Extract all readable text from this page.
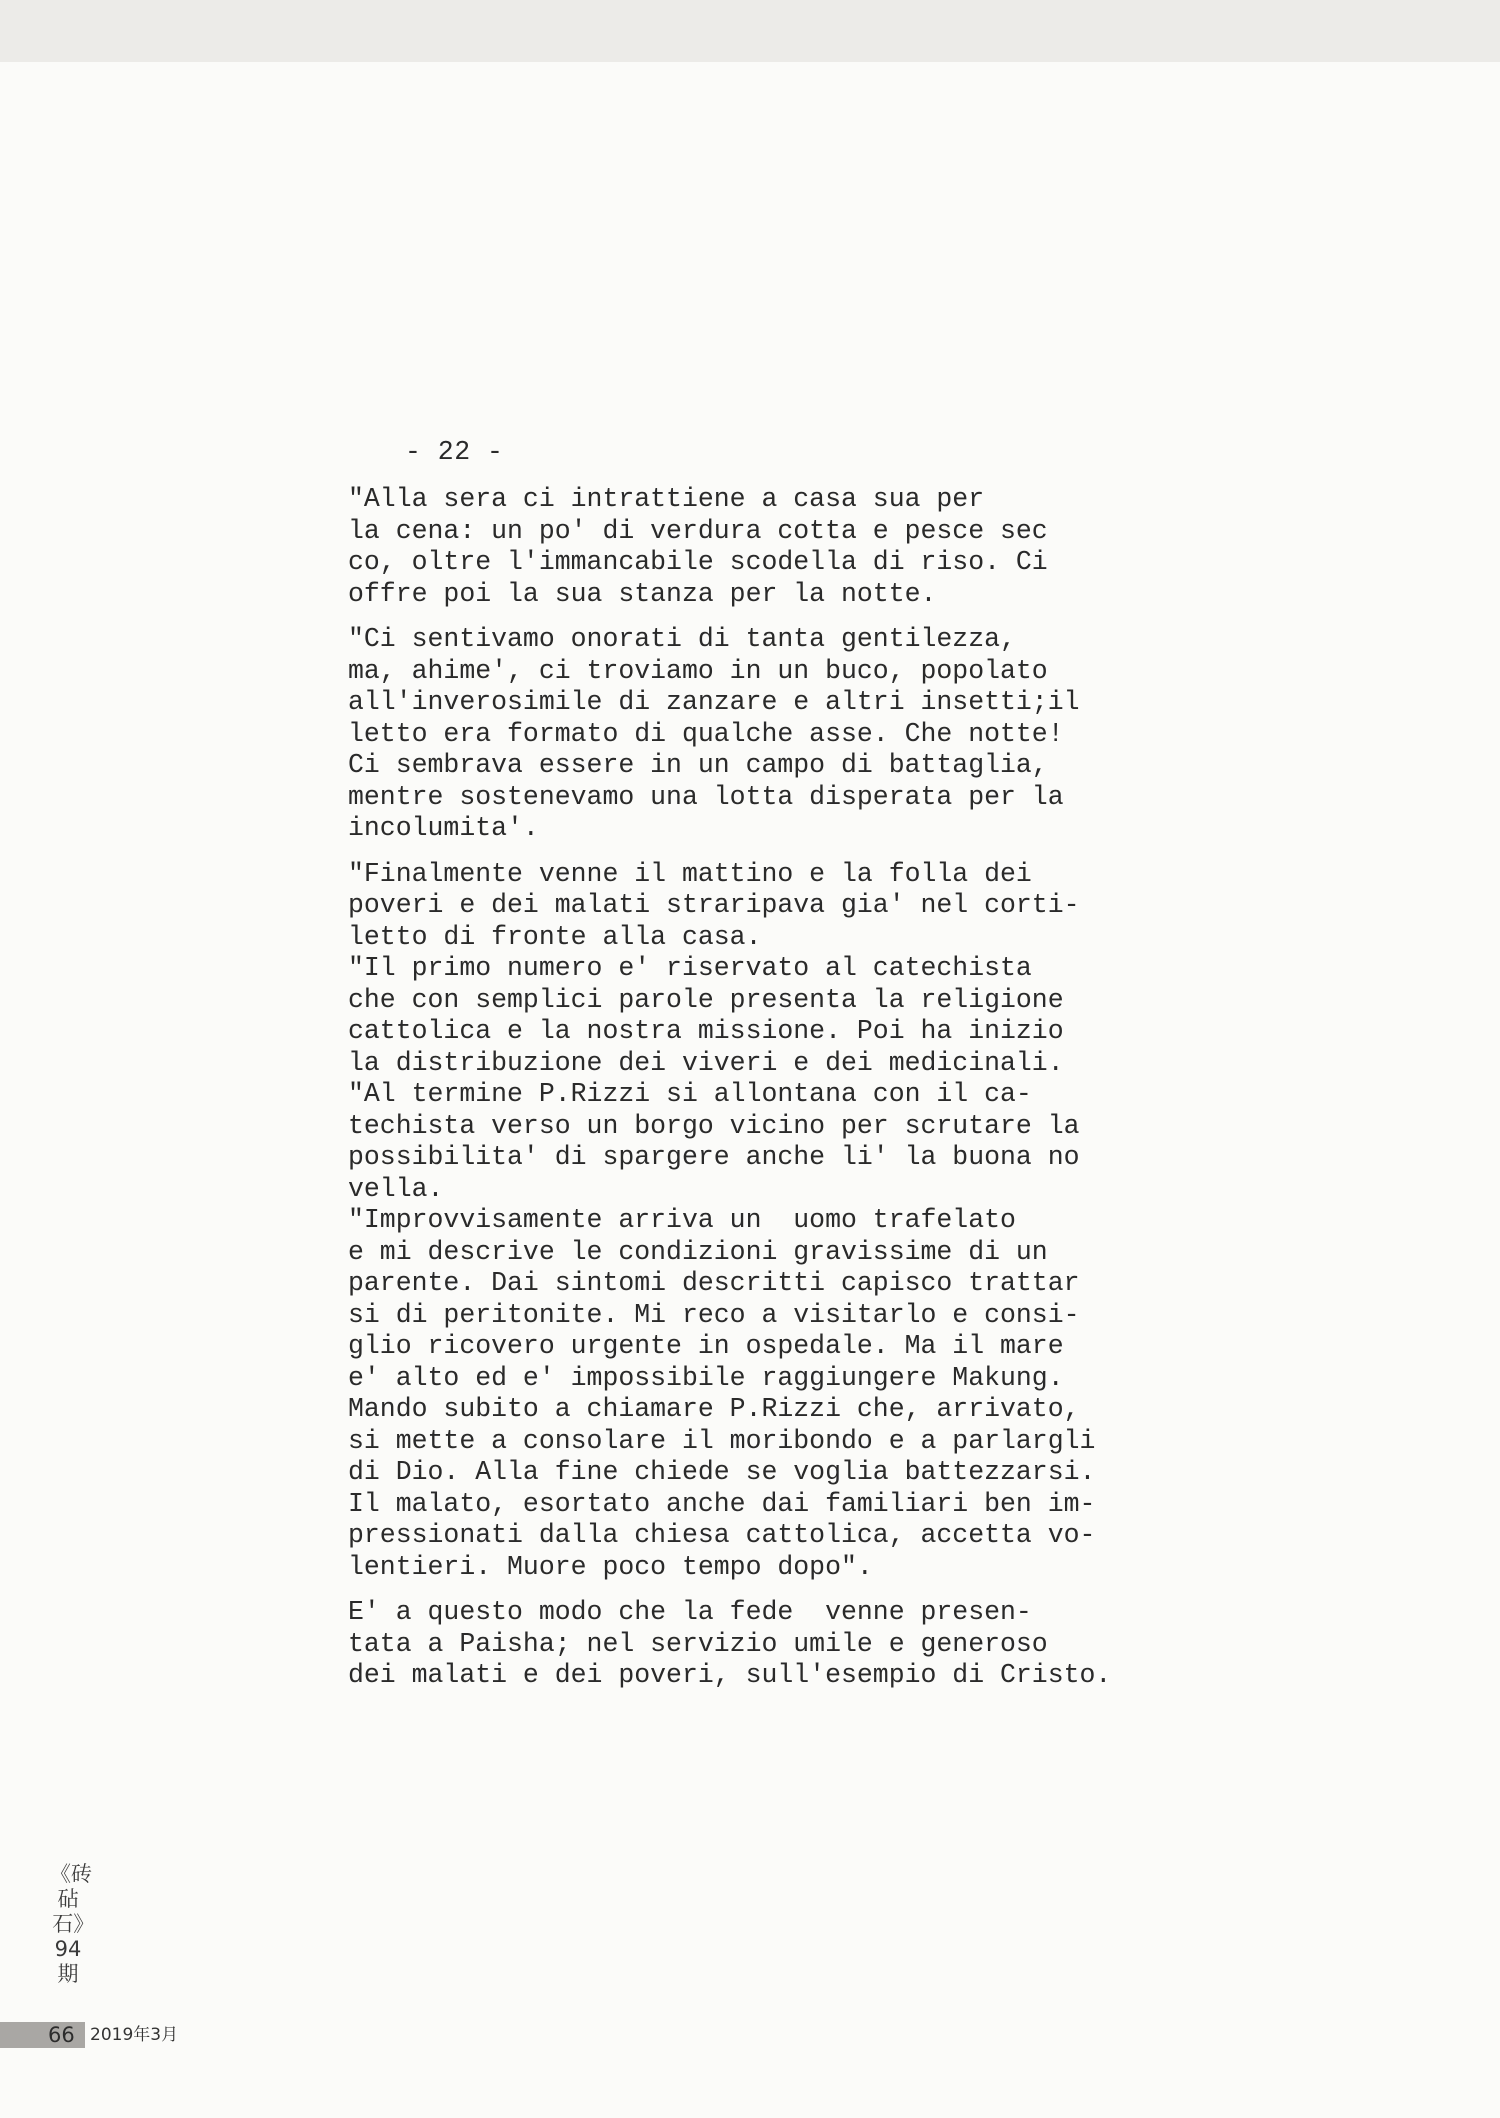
- 22 -
"Alla sera ci intrattiene a casa sua per
la cena: un po' di verdura cotta e pesce sec
co, oltre l'immancabile scodella di riso. Ci
offre poi la sua stanza per la notte.
"Ci sentivamo onorati di tanta gentilezza,
ma, ahime', ci troviamo in un buco, popolato
all'inverosimile di zanzare e altri insetti;il
letto era formato di qualche asse. Che notte!
Ci sembrava essere in un campo di battaglia,
mentre sostenevamo una lotta disperata per la
incolumita'.
"Finalmente venne il mattino e la folla dei
poveri e dei malati straripava gia' nel corti-
letto di fronte alla casa.
"Il primo numero e' riservato al catechista
che con semplici parole presenta la religione
cattolica e la nostra missione. Poi ha inizio
la distribuzione dei viveri e dei medicinali.
"Al termine P.Rizzi si allontana con il ca-
techista verso un borgo vicino per scrutare la
possibilita' di spargere anche li' la buona no
vella.
"Improvvisamente arriva un  uomo trafelato
e mi descrive le condizioni gravissime di un
parente. Dai sintomi descritti capisco trattar
si di peritonite. Mi reco a visitarlo e consi-
glio ricovero urgente in ospedale. Ma il mare
e' alto ed e' impossibile raggiungere Makung.
Mando subito a chiamare P.Rizzi che, arrivato,
si mette a consolare il moribondo e a parlargli
di Dio. Alla fine chiede se voglia battezzarsi.
Il malato, esortato anche dai familiari ben im-
pressionati dalla chiesa cattolica, accetta vo-
lentieri. Muore poco tempo dopo".
E' a questo modo che la fede  venne presen-
tata a Paisha; nel servizio umile e generoso
dei malati e dei poveri, sull'esempio di Cristo.
《砖砧石》94期
66 2019年3月
